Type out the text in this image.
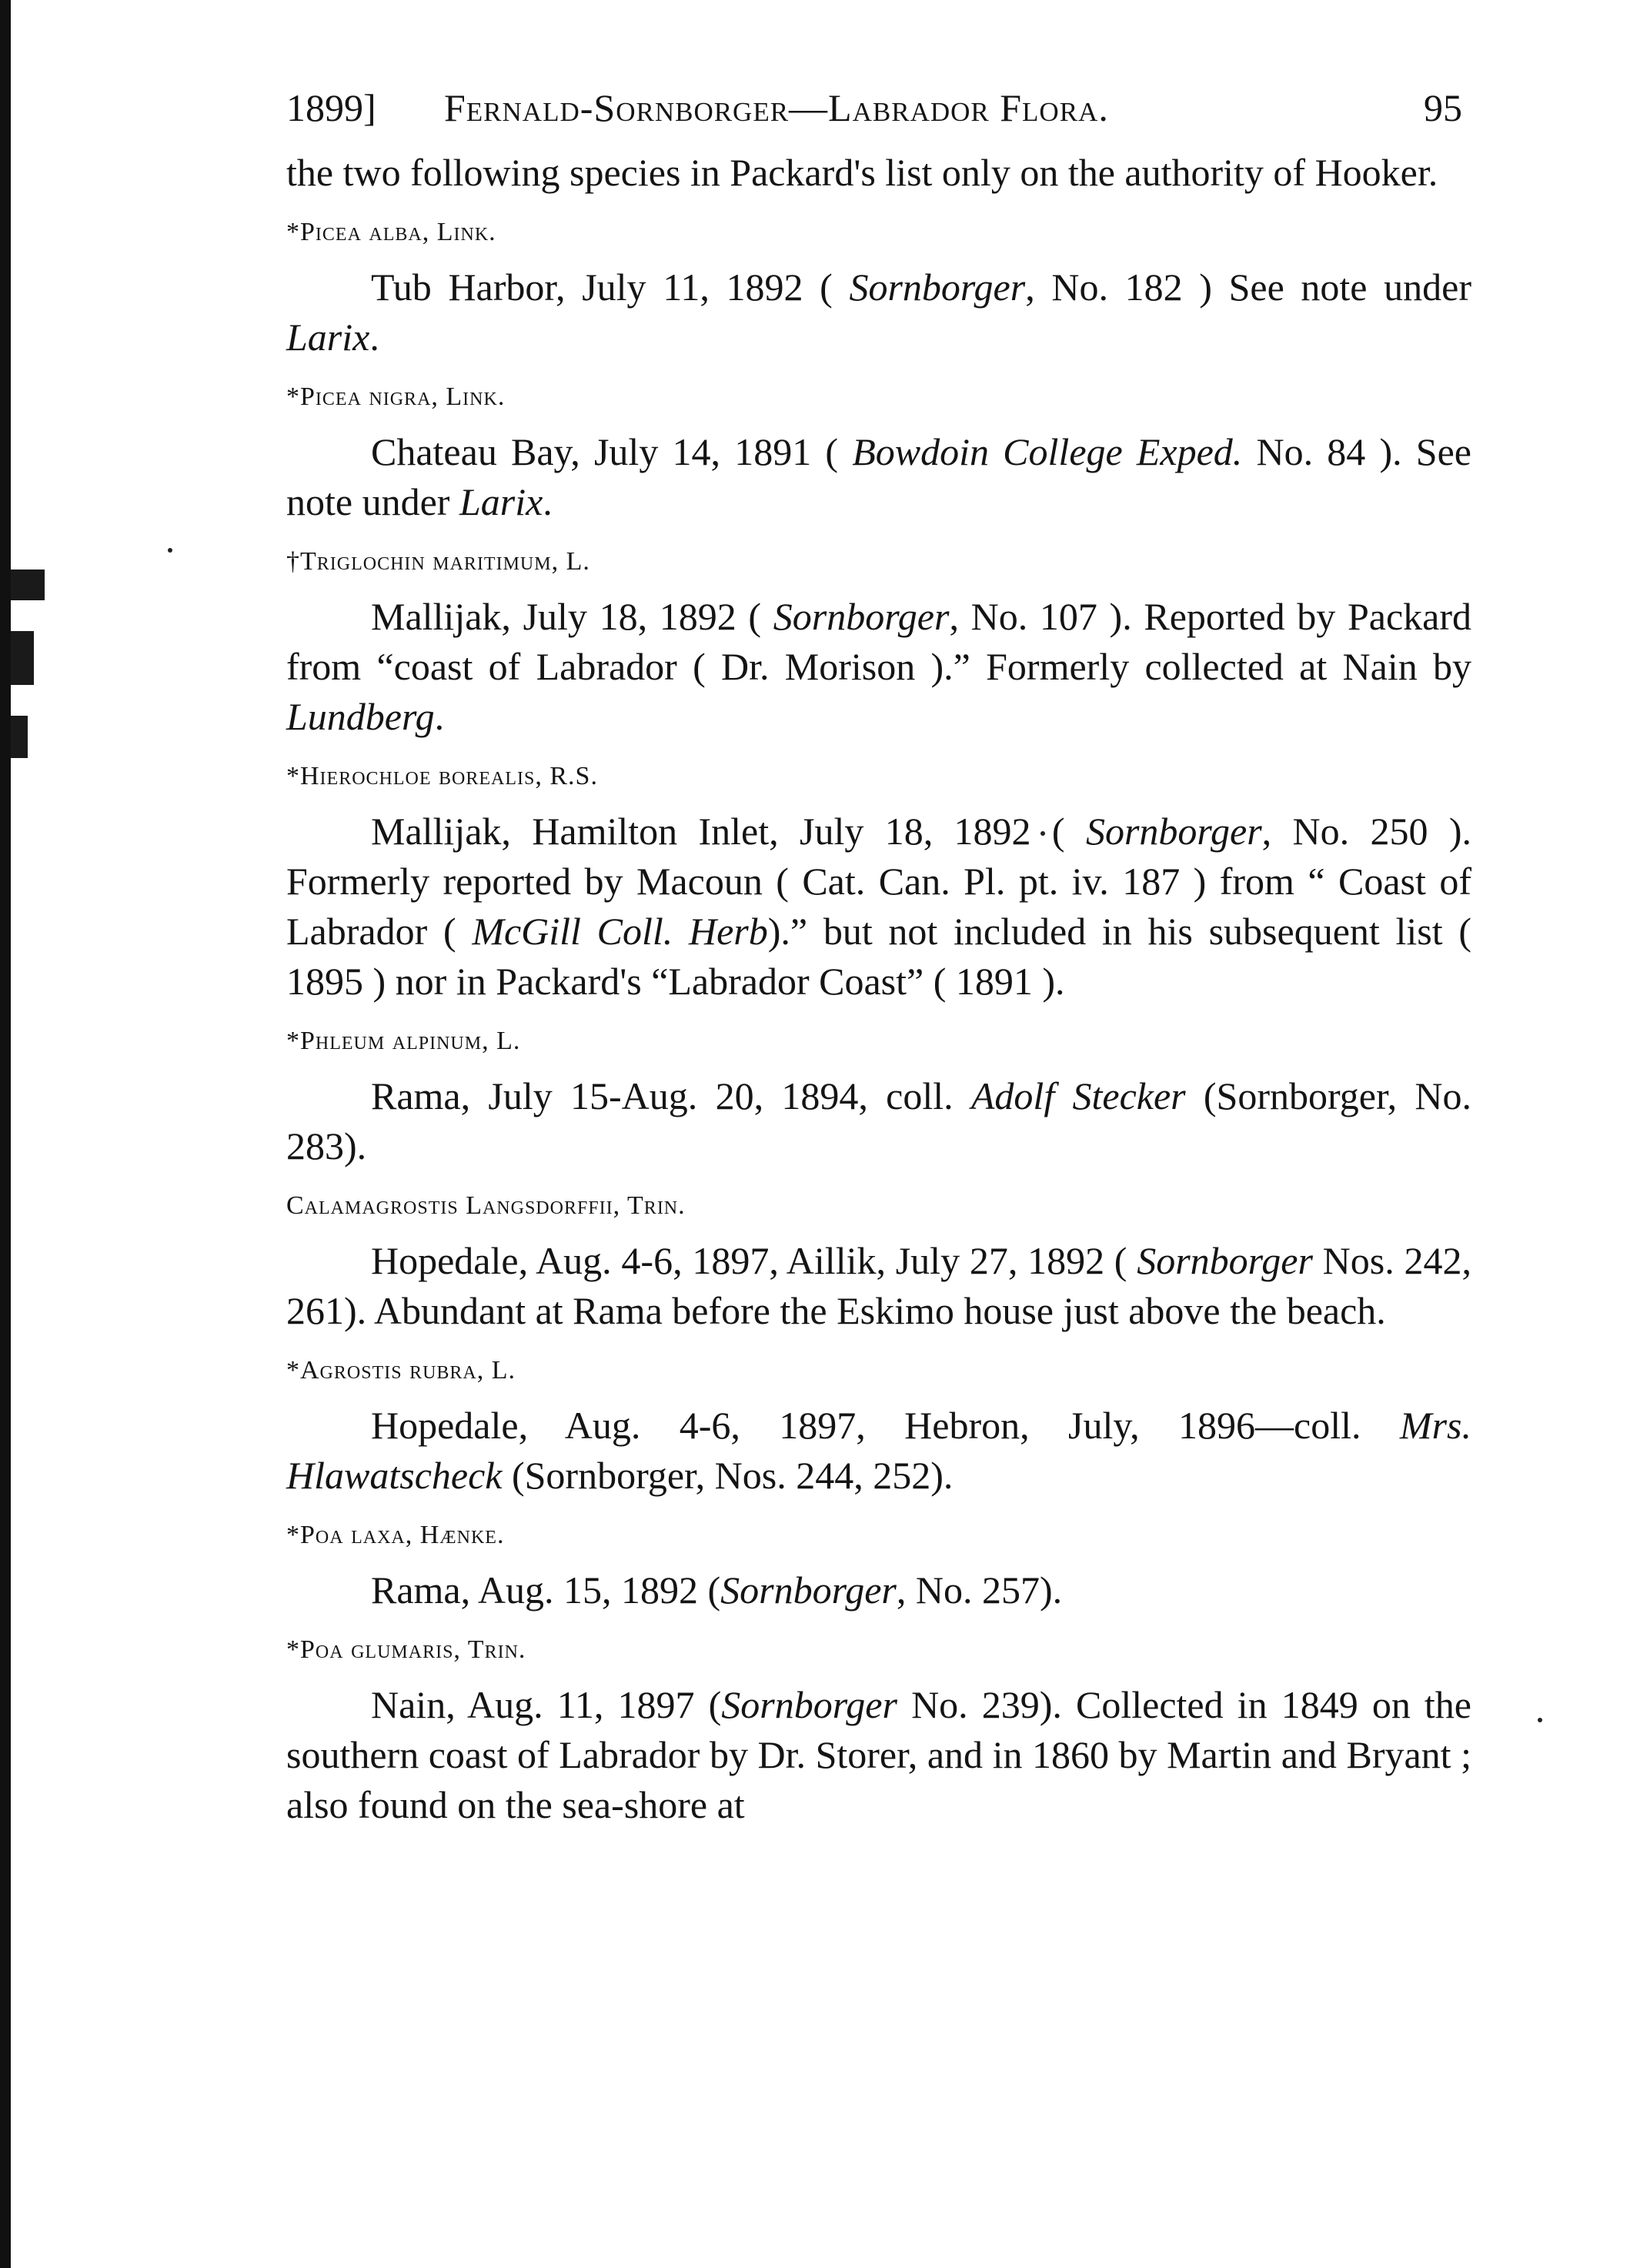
1899] Fernald-Sornborger—Labrador Flora.	95

the two following species in Packard's list only on the authority of Hooker.

*Picea alba, Link.

Tub Harbor, July 11, 1892 ( Sornborger, No. 182 ) See note under Larix.

*Picea nigra, Link.

Chateau Bay, July 14, 1891 ( Bowdoin College Exped. No. 84 ). See note under Larix.

†Triglochin maritimum, L.

Mallijak, July 18, 1892 ( Sornborger, No. 107 ). Reported by Packard from “coast of Labrador ( Dr. Morison ).” Formerly collected at Nain by Lundberg.

*Hierochloe borealis, R.S.

Mallijak, Hamilton Inlet, July 18, 1892 ( Sornborger, No. 250 ). Formerly reported by Macoun ( Cat. Can. Pl. pt. iv. 187 ) from “ Coast of Labrador ( McGill Coll. Herb).” but not included in his subsequent list ( 1895 ) nor in Packard's “Labrador Coast” ( 1891 ).

*Phleum alpinum, L.

Rama, July 15-Aug. 20, 1894, coll. Adolf Stecker (Sornborger, No. 283).

Calamagrostis Langsdorffii, Trin.

Hopedale, Aug. 4-6, 1897, Aillik, July 27, 1892 ( Sornborger Nos. 242, 261). Abundant at Rama before the Eskimo house just above the beach.

*Agrostis rubra, L.

Hopedale, Aug. 4-6, 1897, Hebron, July, 1896—coll. Mrs. Hlawatscheck (Sornborger, Nos. 244, 252).

*Poa laxa, Hænke.

Rama, Aug. 15, 1892 (Sornborger, No. 257).

*Poa glumaris, Trin.

Nain, Aug. 11, 1897 (Sornborger No. 239). Collected in 1849 on the southern coast of Labrador by Dr. Storer, and in 1860 by Martin and Bryant ; also found on the sea-shore at
